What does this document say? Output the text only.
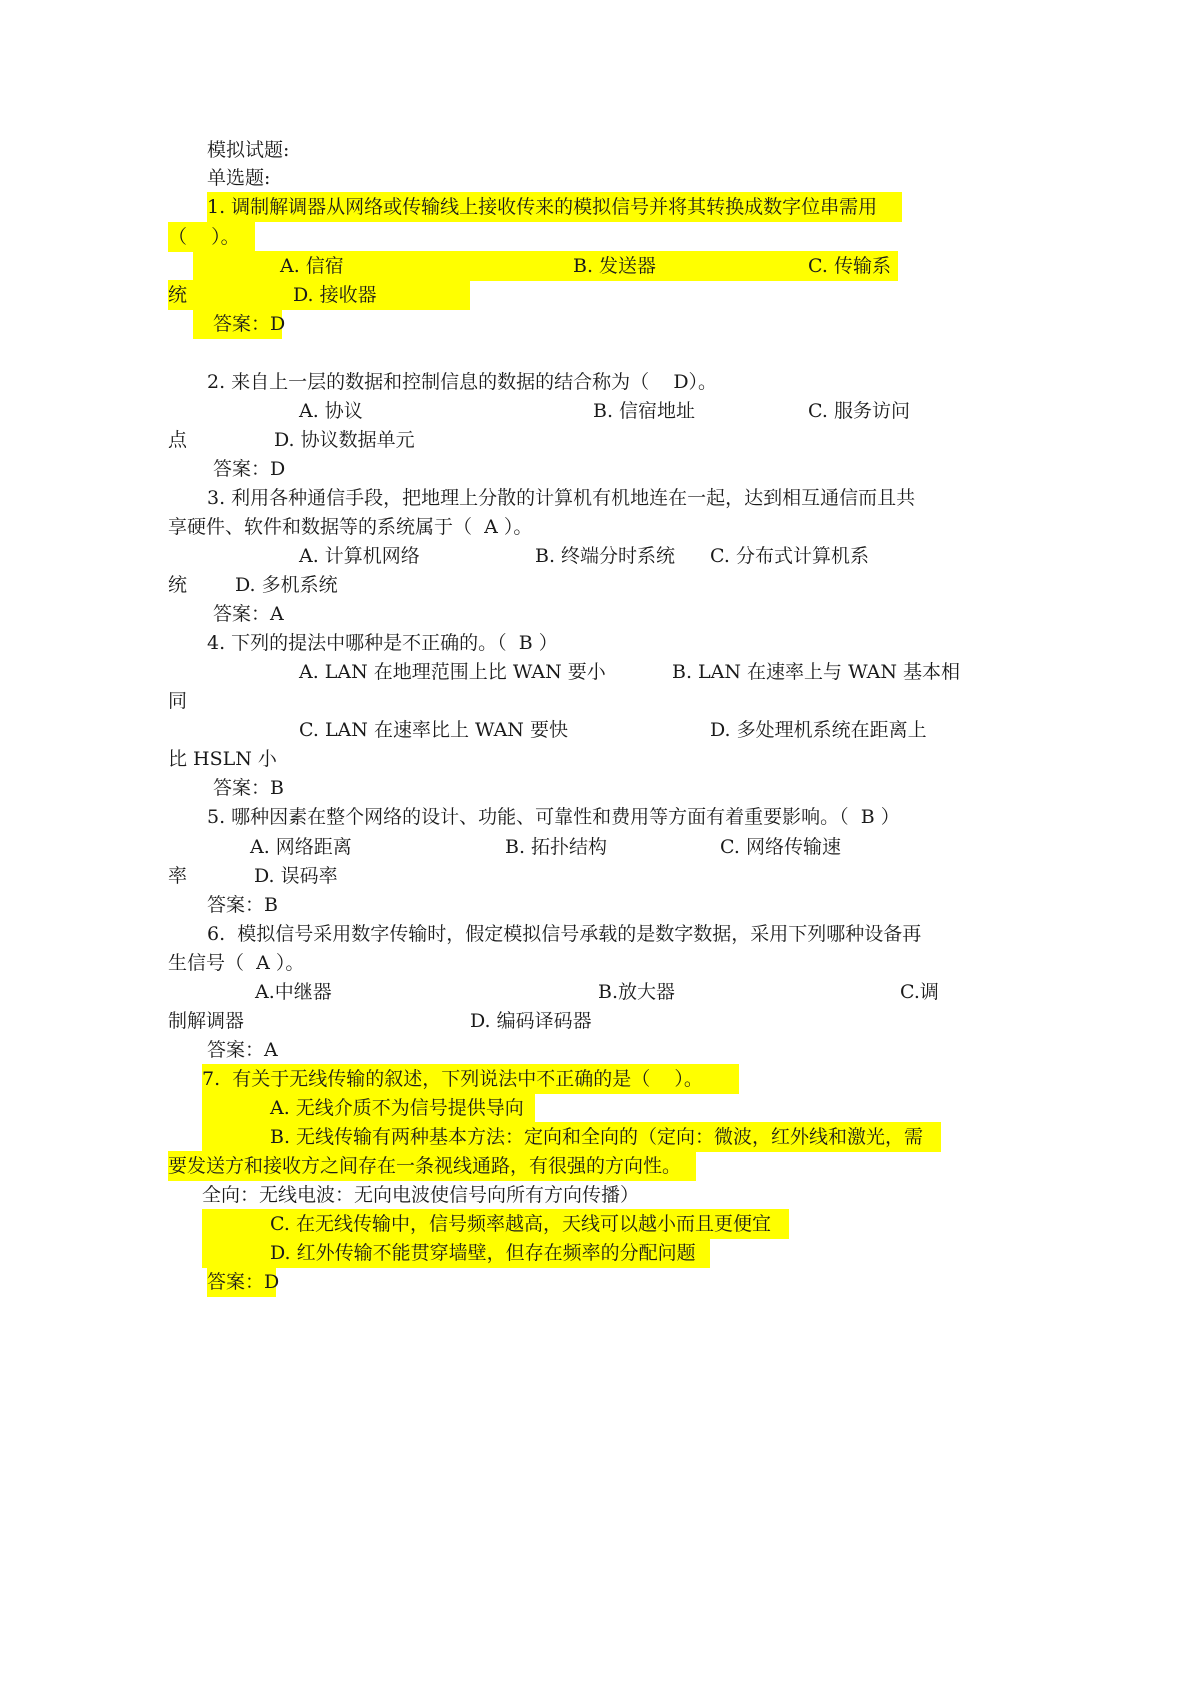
模拟试题:
单选题:
1. 调制解调器从网络或传输线上接收传来的模拟信号并将其转换成数字位串需用
（    ）。
A. 信宿	B. 发送器	C. 传输系
统	D. 接收器
答案：D
2. 来自上一层的数据和控制信息的数据的结合称为（    D）。
A. 协议	B. 信宿地址	C. 服务访问
点	D. 协议数据单元
答案：D
3. 利用各种通信手段，把地理上分散的计算机有机地连在一起，达到相互通信而且共
享硬件、软件和数据等的系统属于（  A ）。
A. 计算机网络	B. 终端分时系统 C. 分布式计算机系
统	D. 多机系统
答案：A
4. 下列的提法中哪种是不正确的。（  B ）
A. LAN 在地理范围上比 WAN 要小	B. LAN 在速率上与 WAN 基本相
同
C. LAN 在速率比上 WAN 要快	D. 多处理机系统在距离上
比 HSLN 小
答案：B
5. 哪种因素在整个网络的设计、功能、可靠性和费用等方面有着重要影响。（  B ）
A. 网络距离	B. 拓扑结构	C. 网络传输速
率	D. 误码率
答案：B
6.  模拟信号采用数字传输时，假定模拟信号承载的是数字数据，采用下列哪种设备再
生信号（  A ）。
A.中继器	B.放大器	C.调
制解调器	D. 编码译码器
答案：A
7.  有关于无线传输的叙述，下列说法中不正确的是（    ）。
A. 无线介质不为信号提供导向
B. 无线传输有两种基本方法：定向和全向的（定向：微波，红外线和激光，需
要发送方和接收方之间存在一条视线通路，有很强的方向性。
全向：无线电波：无向电波使信号向所有方向传播）
C. 在无线传输中，信号频率越高，天线可以越小而且更便宜
D. 红外传输不能贯穿墙壁，但存在频率的分配问题
答案：D
